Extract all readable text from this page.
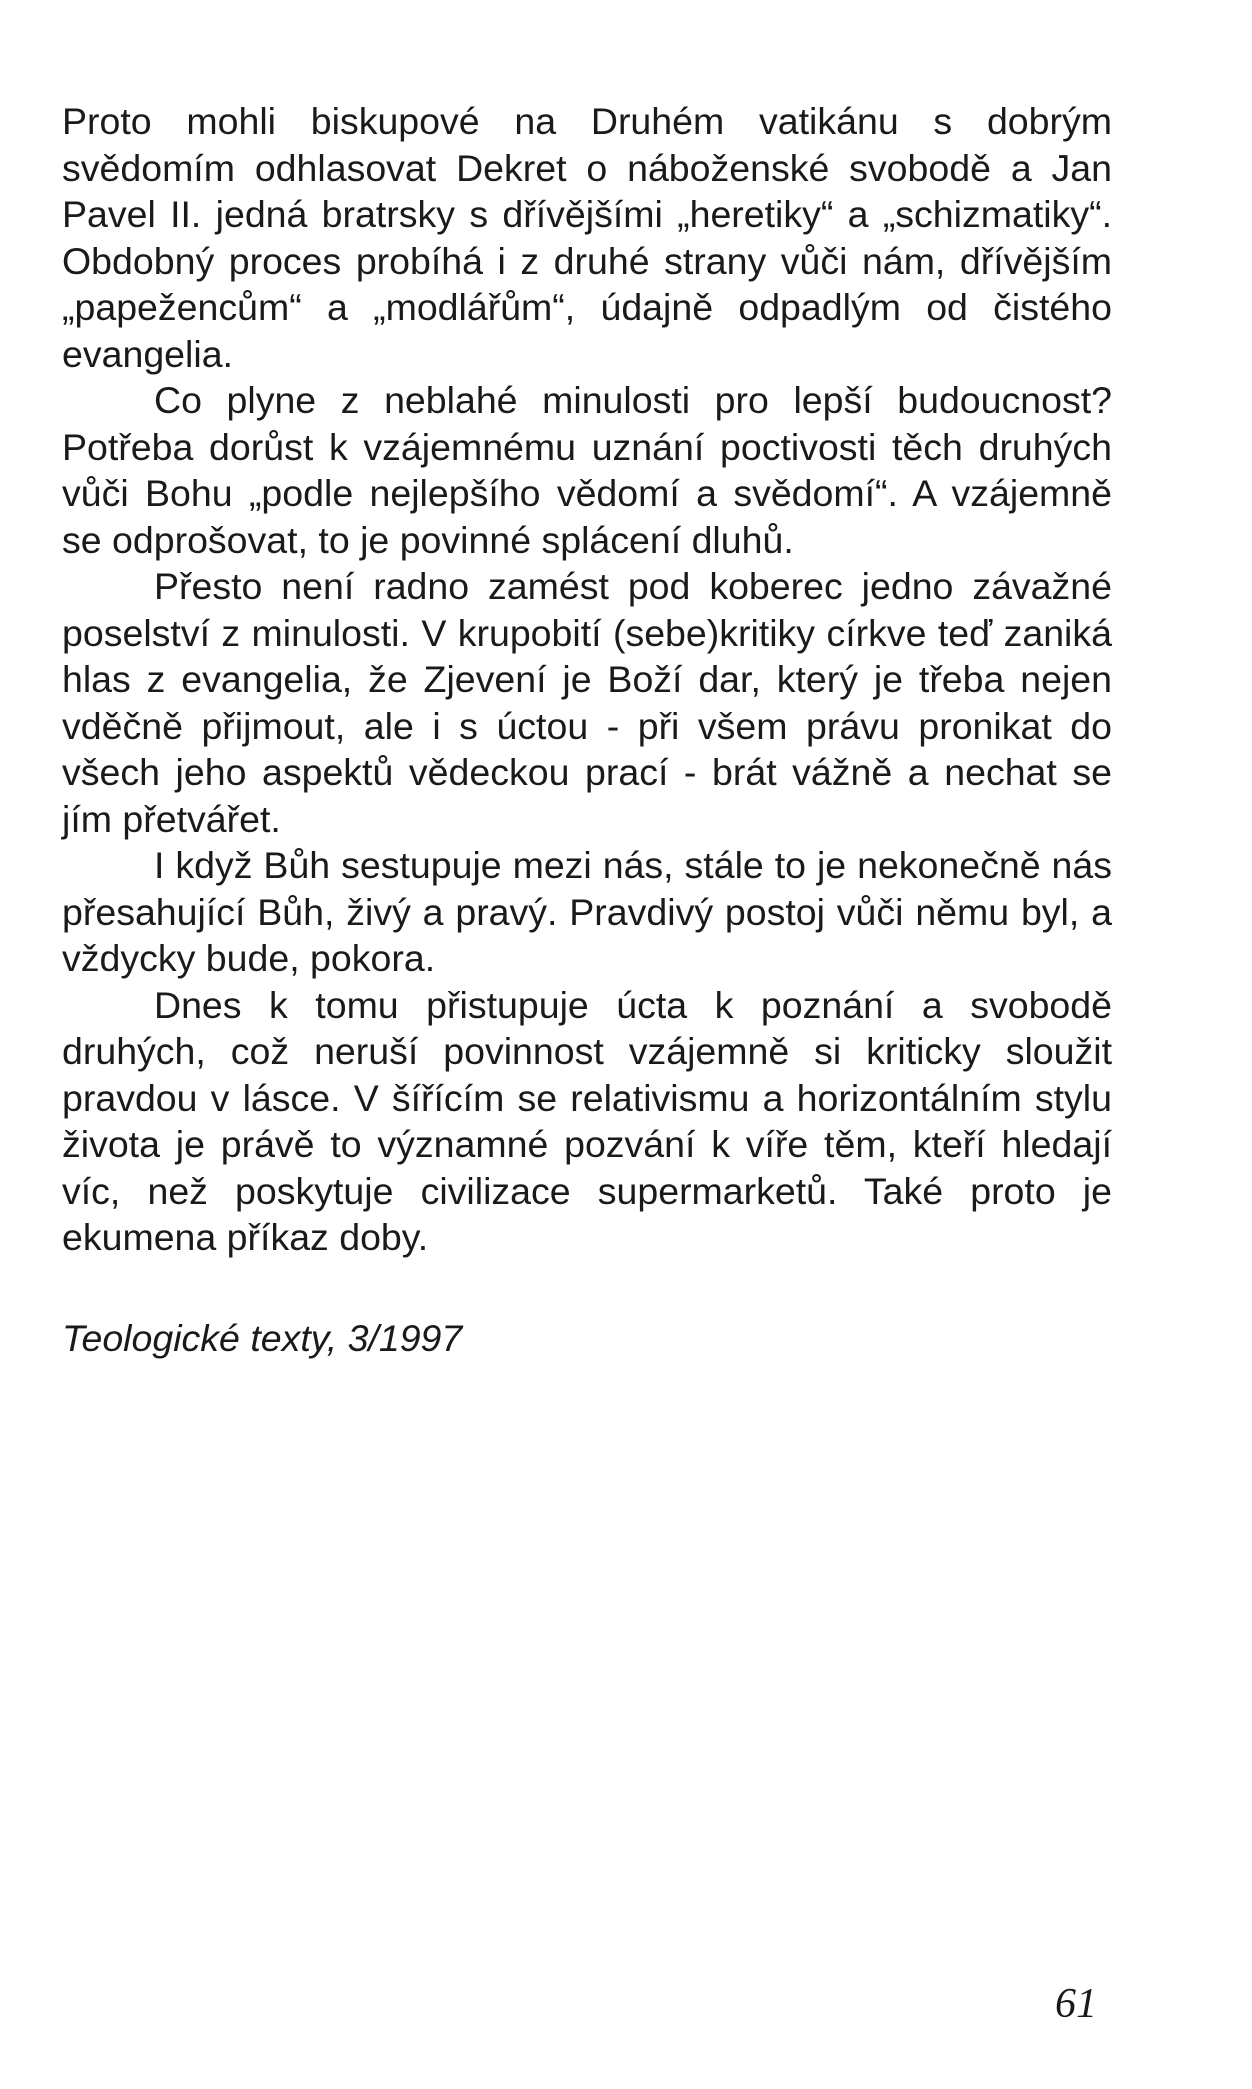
Proto mohli biskupové na Druhém vatikánu s dobrým svědomím odhlasovat Dekret o náboženské svobodě a Jan Pavel II. jedná bratrsky s dřívějšími „heretiky“ a „schizmatiky“. Obdobný proces probíhá i z druhé strany vůči nám, dřívějším „papežencům“ a „modlářům“, údajně odpadlým od čistého evangelia.

Co plyne z neblahé minulosti pro lepší budoucnost? Potřeba dorůst k vzájemnému uznání poctivosti těch druhých vůči Bohu „podle nejlepšího vědomí a svědomí“. A vzájemně se odprošovat, to je povinné splácení dluhů.

Přesto není radno zamést pod koberec jedno závažné poselství z minulosti. V krupobití (sebe)kritiky církve teď zaniká hlas z evangelia, že Zjevení je Boží dar, který je třeba nejen vděčně přijmout, ale i s úctou - při všem právu pronikat do všech jeho aspektů vědeckou prací - brát vážně a nechat se jím přetvářet.

I když Bůh sestupuje mezi nás, stále to je nekonečně nás přesahující Bůh, živý a pravý. Pravdivý postoj vůči němu byl, a vždycky bude, pokora.

Dnes k tomu přistupuje úcta k poznání a svobodě druhých, což neruší povinnost vzájemně si kriticky sloužit pravdou v lásce. V šířícím se relativismu a horizontálním stylu života je právě to významné pozvání k víře těm, kteří hledají víc, než poskytuje civilizace supermarketů. Také proto je ekumena příkaz doby.

Teologické texty, 3/1997
61
